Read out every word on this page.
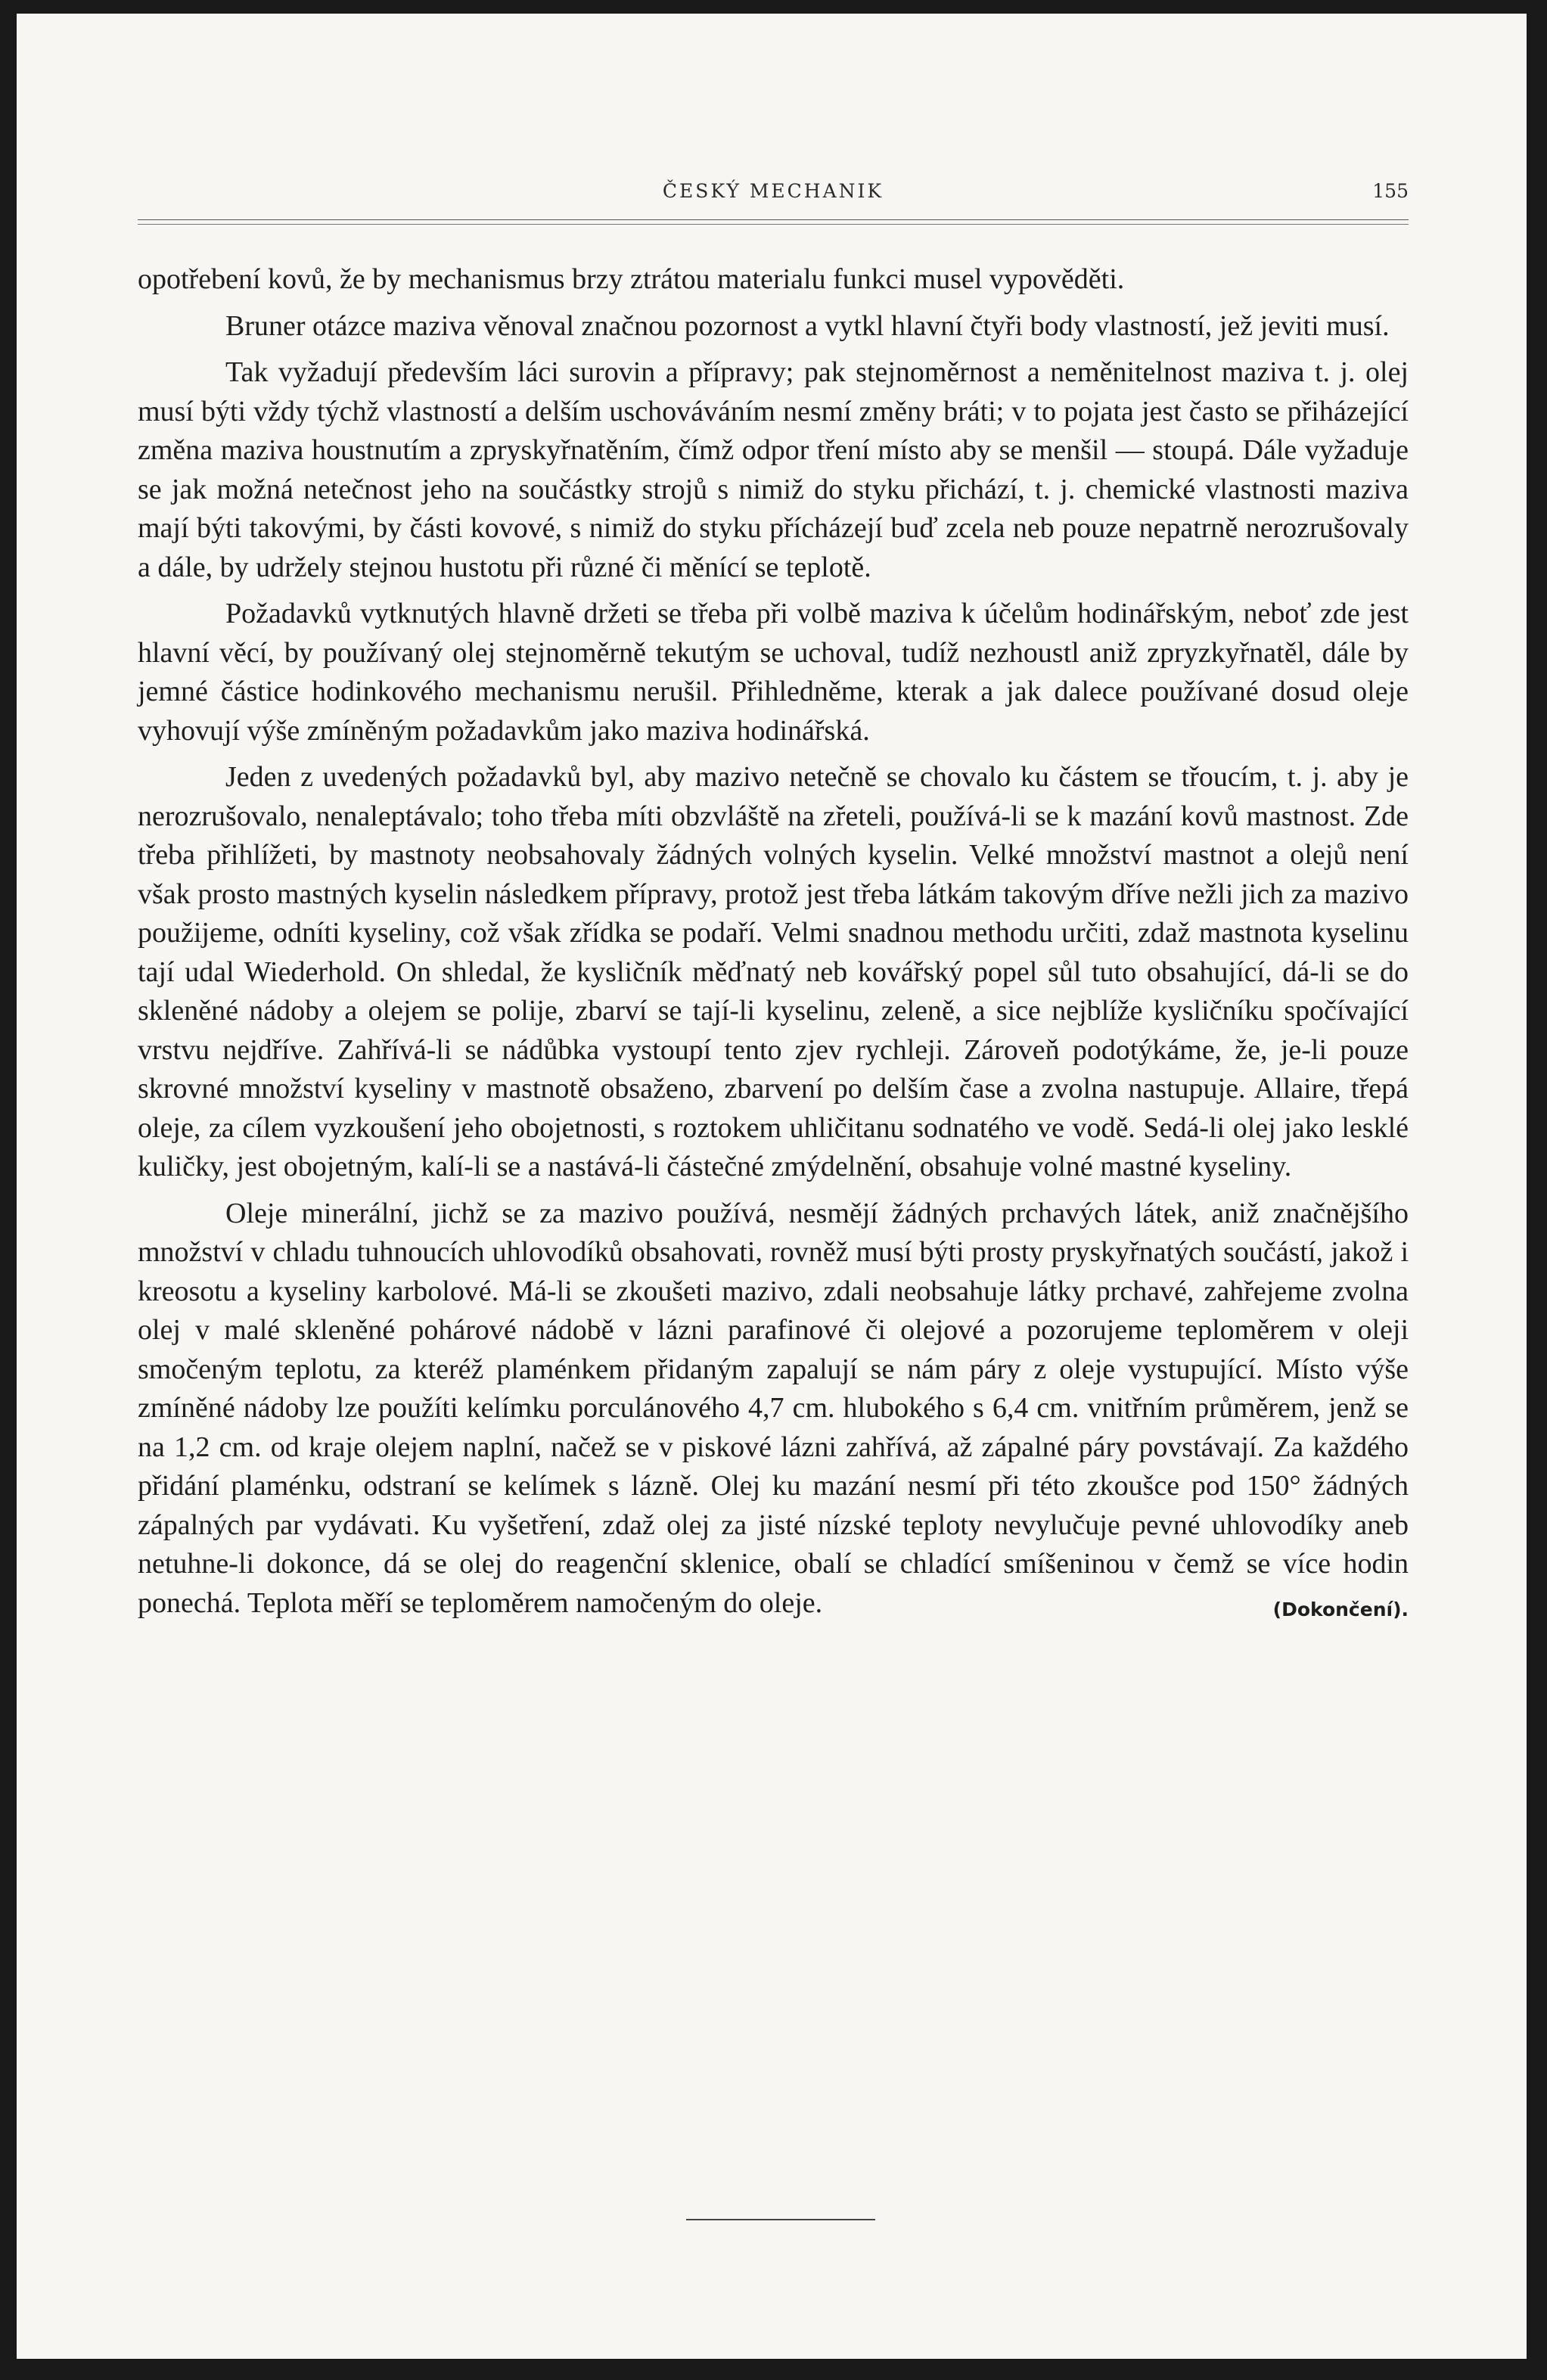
ČESKÝ MECHANIK	155

opotřebení kovů, že by mechanismus brzy ztrátou materialu funkci musel vypověděti.

Bruner otázce maziva věnoval značnou pozornost a vytkl hlavní čtyři body vlastností, jež jeviti musí.

Tak vyžadují především láci surovin a přípravy; pak stejnoměrnost a neměnitelnost maziva t. j. olej musí býti vždy týchž vlastností a delším uschováváním nesmí změny bráti; v to pojata jest často se přiházející změna maziva houstnutím a zpryskyřnatěním, čímž odpor tření místo aby se menšil — stoupá. Dále vyžaduje se jak možná netečnost jeho na součástky strojů s nimiž do styku přichází, t. j. chemické vlastnosti maziva mají býti takovými, by části kovové, s nimiž do styku přícházejí buď zcela neb pouze nepatrně nerozrušovaly a dále, by udržely stejnou hustotu při různé či měnící se teplotě.

Požadavků vytknutých hlavně držeti se třeba při volbě maziva k účelům hodinářským, neboť zde jest hlavní věcí, by používaný olej stejnoměrně tekutým se uchoval, tudíž nezhoustl aniž zpryzkyřnatěl, dále by jemné částice hodinkového mechanismu nerušil. Přihledněme, kterak a jak dalece používané dosud oleje vyhovují výše zmíněným požadavkům jako maziva hodinářská.

Jeden z uvedených požadavků byl, aby mazivo netečně se chovalo ku částem se třoucím, t. j. aby je nerozrušovalo, nenaleptávalo; toho třeba míti obzvláště na zřeteli, používá-li se k mazání kovů mastnost. Zde třeba přihlížeti, by mastnoty neobsahovaly žádných volných kyselin. Velké množství mastnot a olejů není však prosto mastných kyselin následkem přípravy, protož jest třeba látkám takovým dříve nežli jich za mazivo použijeme, odníti kyseliny, což však zřídka se podaří. Velmi snadnou methodu určiti, zdaž mastnota kyselinu tají udal Wiederhold. On shledal, že kysličník měďnatý neb kovářský popel sůl tuto obsahující, dá-li se do skleněné nádoby a olejem se polije, zbarví se tají-li kyselinu, zeleně, a sice nejblíže kysličníku spočívající vrstvu nejdříve. Zahřívá-li se nádůbka vystoupí tento zjev rychleji. Zároveň podotýkáme, že, je-li pouze skrovné množství kyseliny v mastnotě obsaženo, zbarvení po delším čase a zvolna nastupuje. Allaire, třepá oleje, za cílem vyzkoušení jeho obojetnosti, s roztokem uhličitanu sodnatého ve vodě. Sedá-li olej jako lesklé kuličky, jest obojetným, kalí-li se a nastává-li částečné zmýdelnění, obsahuje volné mastné kyseliny.

Oleje minerální, jichž se za mazivo používá, nesmějí žádných prchavých látek, aniž značnějšího množství v chladu tuhnoucích uhlovodíků obsahovati, rovněž musí býti prosty pryskyřnatých součástí, jakož i kreosotu a kyseliny karbolové. Má-li se zkoušeti mazivo, zdali neobsahuje látky prchavé, zahřejeme zvolna olej v malé skleněné pohárové nádobě v lázni parafinové či olejové a pozorujeme teploměrem v oleji smočeným teplotu, za kteréž plaménkem přidaným zapalují se nám páry z oleje vystupující. Místo výše zmíněné nádoby lze použíti kelímku porculánového 4,7 cm. hlubokého s 6,4 cm. vnitřním průměrem, jenž se na 1,2 cm. od kraje olejem naplní, načež se v piskové lázni zahřívá, až zápalné páry povstávají. Za každého přidání plaménku, odstraní se kelímek s lázně. Olej ku mazání nesmí při této zkoušce pod 150° žádných zápalných par vydávati. Ku vyšetření, zdaž olej za jisté nízské teploty nevylučuje pevné uhlovodíky aneb netuhne-li dokonce, dá se olej do reagenční sklenice, obalí se chladící smíšeninou v čemž se více hodin ponechá. Teplota měří se teploměrem namočeným do oleje.	(Dokončení).
